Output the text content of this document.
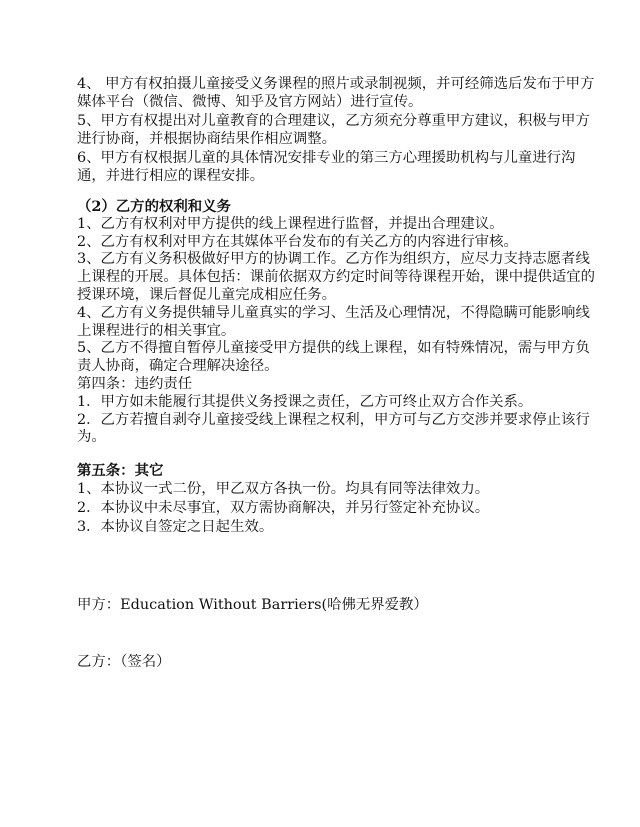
4、 甲方有权拍摄儿童接受义务课程的照片或录制视频，并可经筛选后发布于甲方
媒体平台（微信、微博、知乎及官方网站）进行宣传。
5、甲方有权提出对儿童教育的合理建议，乙方须充分尊重甲方建议，积极与甲方
进行协商，并根据协商结果作相应调整。
6、甲方有权根据儿童的具体情况安排专业的第三方心理援助机构与儿童进行沟
通，并进行相应的课程安排。
（2）乙方的权利和义务
1、乙方有权利对甲方提供的线上课程进行监督，并提出合理建议。
2、乙方有权利对甲方在其媒体平台发布的有关乙方的内容进行审核。
3、乙方有义务积极做好甲方的协调工作。乙方作为组织方，应尽力支持志愿者线
上课程的开展。具体包括：课前依据双方约定时间等待课程开始，课中提供适宜的
授课环境，课后督促儿童完成相应任务。
4、乙方有义务提供辅导儿童真实的学习、生活及心理情况，不得隐瞒可能影响线
上课程进行的相关事宜。
5、乙方不得擅自暂停儿童接受甲方提供的线上课程，如有特殊情况，需与甲方负
责人协商，确定合理解决途径。
第四条：违约责任
1．甲方如未能履行其提供义务授课之责任，乙方可终止双方合作关系。
2．乙方若擅自剥夺儿童接受线上课程之权利，甲方可与乙方交涉并要求停止该行
为。
第五条：其它
1、本协议一式二份，甲乙双方各执一份。均具有同等法律效力。
2．本协议中未尽事宜，双方需协商解决，并另行签定补充协议。
3．本协议自签定之日起生效。
甲方：Education Without Barriers(哈佛无界爱教）
乙方：（签名）
